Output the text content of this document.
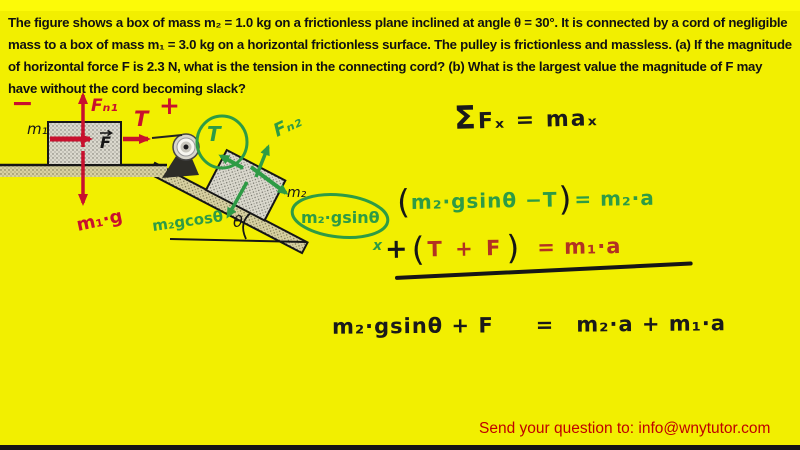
The figure shows a box of mass m₂ = 1.0 kg on a frictionless plane inclined at angle θ = 30°. It is connected by a cord of negligible
mass to a box of mass m₁ = 3.0 kg on a horizontal frictionless surface. The pulley is frictionless and massless. (a) If the magnitude
of horizontal force F is 2.3 N, what is the tension in the connecting cord? (b) What is the largest value the magnitude of F may
have without the cord becoming slack?
−	Fₙ₁
m₁
F
T +
m₁·g
T	Fₙ₂
m₂
m₂·gsinθ
m₂gcosθ θ
x
ΣFₓ = maₓ
( m₂·gsinθ −T ) = m₂·a
+ ( T + F ) = m₁·a
m₂·gsinθ + F = m₂·a + m₁·a
Send your question to: info@wnytutor.com
